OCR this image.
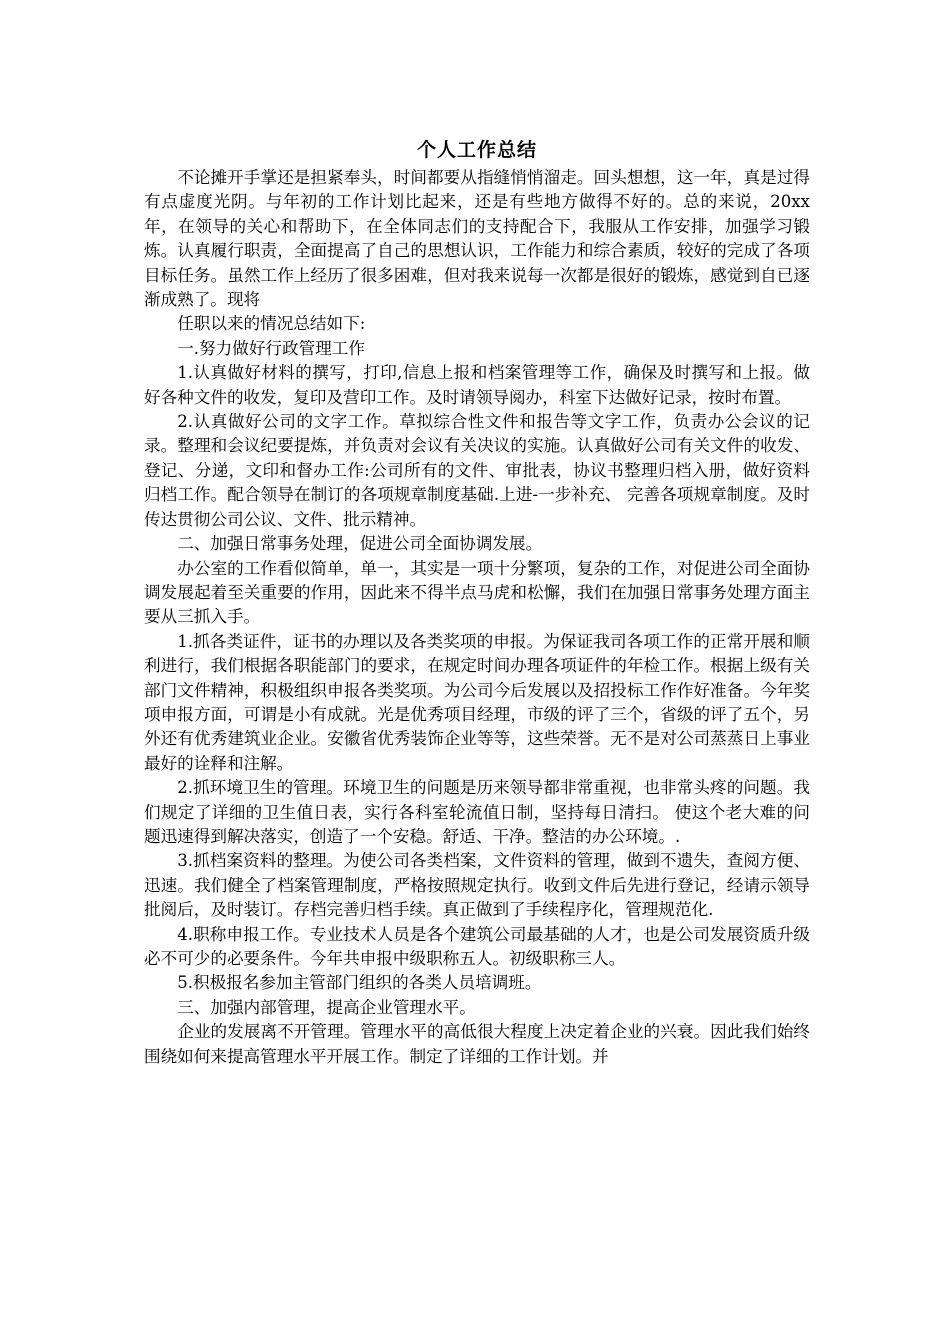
个人工作总结

不论摊开手掌还是担紧奉头，时间都要从指缝悄悄溜走。回头想想，这一年，真是过得有点虚度光阴。与年初的工作计划比起来，还是有些地方做得不好的。总的来说，20xx 年，在领导的关心和帮助下，在全体同志们的支持配合下，我服从工作安排，加强学习锻炼。认真履行职责，全面提高了自己的思想认识，工作能力和综合素质，较好的完成了各项目标任务。虽然工作上经历了很多困难，但对我来说每一次都是很好的锻炼，感觉到自已逐渐成熟了。现将

任职以来的情况总结如下:

一.努力做好行政管理工作

1.认真做好材料的撰写，打印,信息上报和档案管理等工作，确保及时撰写和上报。做好各种文件的收发，复印及营印工作。及时请领导阅办，科室下达做好记录，按时布置。

2.认真做好公司的文字工作。草拟综合性文件和报告等文字工作，负责办公会议的记录。整理和会议纪要提炼，并负责对会议有关决议的实施。认真做好公司有关文件的收发、登记、分递，文印和督办工作:公司所有的文件、审批表，协议书整理归档入册，做好资料归档工作。配合领导在制订的各项规章制度基础.上进-一步补充、 完善各项规章制度。及时传达贯彻公司公议、文件、批示精神。

二、加强日常事务处理，促进公司全面协调发展。

办公室的工作看似简单，单一，其实是一项十分繁项，复杂的工作，对促进公司全面协调发展起着至关重要的作用，因此来不得半点马虎和松懈，我们在加强日常事务处理方面主要从三抓入手。

1.抓各类证件，证书的办理以及各类奖项的申报。为保证我司各项工作的正常开展和顺利进行，我们根据各职能部门的要求，在规定时间办理各项证件的年检工作。根据上级有关部门文件精神，积极组织申报各类奖项。为公司今后发展以及招投标工作作好准备。今年奖项申报方面，可谓是小有成就。光是优秀项目经理，市级的评了三个，省级的评了五个，另外还有优秀建筑业企业。安徽省优秀装饰企业等等，这些荣誉。无不是对公司蒸蒸日上事业最好的诠释和注解。

2.抓环境卫生的管理。环境卫生的问题是历来领导都非常重视，也非常头疼的问题。我们规定了详细的卫生值日表，实行各科室轮流值日制，坚持每日清扫。 使这个老大难的问题迅速得到解决落实，创造了一个安稳。舒适、干净。整洁的办公环境。.

3.抓档案资料的整理。为使公司各类档案，文件资料的管理，做到不遗失，查阅方便、迅速。我们健全了档案管理制度，严格按照规定执行。收到文件后先进行登记，经请示领导批阅后，及时装订。存档完善归档手续。真正做到了手续程序化，管理规范化.

4.职称申报工作。专业技术人员是各个建筑公司最基础的人才，也是公司发展资质升级必不可少的必要条件。今年共申报中级职称五人。初级职称三人。

5.积极报名参加主管部门组织的各类人员培调班。

三、加强内部管理，提高企业管理水平。

企业的发展离不开管理。管理水平的高低很大程度上决定着企业的兴衰。因此我们始终围绕如何来提高管理水平开展工作。制定了详细的工作计划。并
